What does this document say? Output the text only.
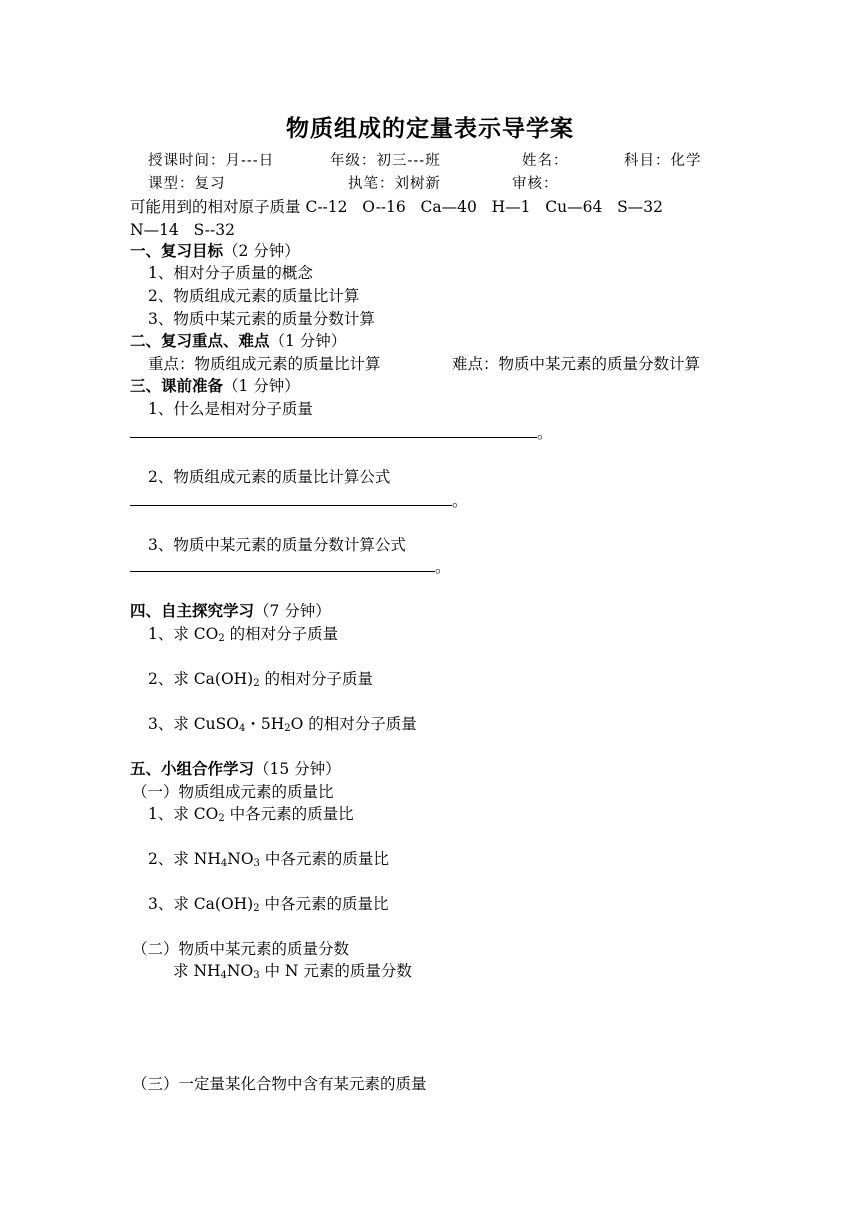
物质组成的定量表示导学案
授课时间：月---日	年级：初三---班	姓名：	科目：化学
课型：复习	执笔：刘树新	审核：
可能用到的相对原子质量 C--12   O--16   Ca—40   H—1   Cu—64   S—32
N—14   S--32
一、复习目标（2 分钟）
1、相对分子质量的概念
2、物质组成元素的质量比计算
3、物质中某元素的质量分数计算
二、复习重点、难点（1 分钟）
重点：物质组成元素的质量比计算	难点：物质中某元素的质量分数计算
三、课前准备（1 分钟）
1、什么是相对分子质量
。
2、物质组成元素的质量比计算公式
。
3、物质中某元素的质量分数计算公式
。
四、自主探究学习（7 分钟）
1、求 $CO_2$ 的相对分子质量
2、求 $Ca(OH)_2$ 的相对分子质量
3、求 CuSO$_4$・$5H_2O$ 的相对分子质量
五、小组合作学习（15 分钟）
（一）物质组成元素的质量比
1、求 $CO_2$ 中各元素的质量比
2、求 $NH_4NO_3$ 中各元素的质量比
3、求 $Ca(OH)_2$ 中各元素的质量比
（二）物质中某元素的质量分数
求 $NH_4NO_3$ 中 N 元素的质量分数
（三）一定量某化合物中含有某元素的质量
